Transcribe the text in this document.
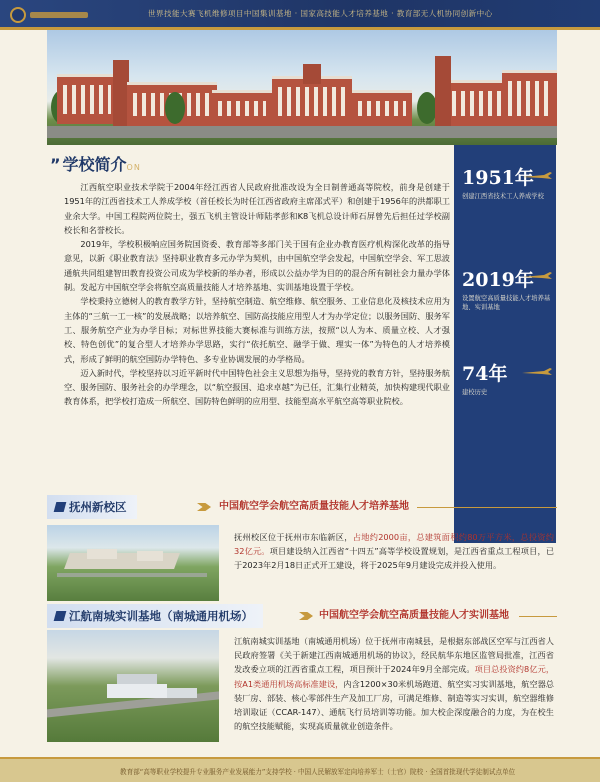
世界技能大赛飞机维修项目中国集训基地 · 国家高技能人才培养基地 · 教育部无人机协同创新中心
” 学校简介ON

江西航空职业技术学院于2004年经江西省人民政府批准改设为全日制普通高等院校，前身是创建于1951年的江西省技术工人养成学校（首任校长为时任江西省政府主席邵式平）和创建于1956年的洪都职工业余大学。中国工程院两位院士，强五飞机主管设计师陆孝彭和K8飞机总设计师石屏曾先后担任过学校副校长和名誉校长。

2019年，学校积极响应国务院国资委、教育部等多部门关于国有企业办教育医疗机构深化改革的指导意见，以新《职业教育法》坚持职业教育多元办学为契机，由中国航空学会发起，中国航空学会、军工思波通航共同组建智田教育投资公司成为学校新的举办者，形成以公益办学为目的的混合所有制社会力量办学体制。发起方中国航空学会将航空高质量技能人才培养基地、实训基地设置于学校。

学校秉持立德树人的教育教学方针，坚持航空制造、航空维修、航空服务、工业信息化及核技术应用为主体的“三航一工一核”的发展战略；以培养航空、国防高技能应用型人才为办学定位；以服务国防、服务军工、服务航空产业为办学目标；对标世界技能大赛标准与训练方法，按照“以人为本、质量立校、人才强校、特色创优”的复合型人才培养办学思路，实行“依托航空、融学于做、理实一体”为特色的人才培养模式，形成了鲜明的航空国防办学特色、多专业协调发展的办学格局。

迈入新时代，学校坚持以习近平新时代中国特色社会主义思想为指导，坚持党的教育方针，坚持服务航空、服务国防、服务社会的办学理念，以“航空报国、追求卓越”为已任，汇集行业精英，加快构建现代职业教育体系，把学校打造成一所航空、国防特色鲜明的应用型、技能型高水平航空高等职业院校。

1951年
创建江西省技术工人养成学校
2019年
设置航空高质量技能人才培养基地、实训基地
74年
建校历史
抚州新校区	中国航空学会航空高质量技能人才培养基地
抚州校区位于抚州市东临新区，占地约2000亩，总建筑面积约80万平方米，总投资约32亿元。项目建设纳入江西省“十四五”高等学校设置规划，是江西省重点工程项目，已于2023年2月18日正式开工建设，将于2025年9月建设完成并投入使用。
江航南城实训基地（南城通用机场）	中国航空学会航空高质量技能人才实训基地
江航南城实训基地（南城通用机场）位于抚州市南城县，是根据东部战区空军与江西省人民政府签署《关于新建江西南城通用机场的协议》，经民航华东地区监管局批准，江西省发改委立项的江西省重点工程，项目预计于2024年9月全部完成。项目总投资约8亿元，按A1类通用机场高标准建设，内含1200×30米机场跑道、航空实习实训基地，航空器总装厂房、部装、核心零部件生产及加工厂房，可满足维修、制造等实习实训，航空器维修培训取证（CCAR-147）、通航飞行员培训等功能。加大校企深度融合的力度，为在校生的航空技能赋能，实现高质量就业创造条件。
教育部“高等职业学校提升专业服务产业发展能力”支持学校 · 中国人民解放军定向培养军士（士官）院校 · 全国首批现代学徒制试点单位
